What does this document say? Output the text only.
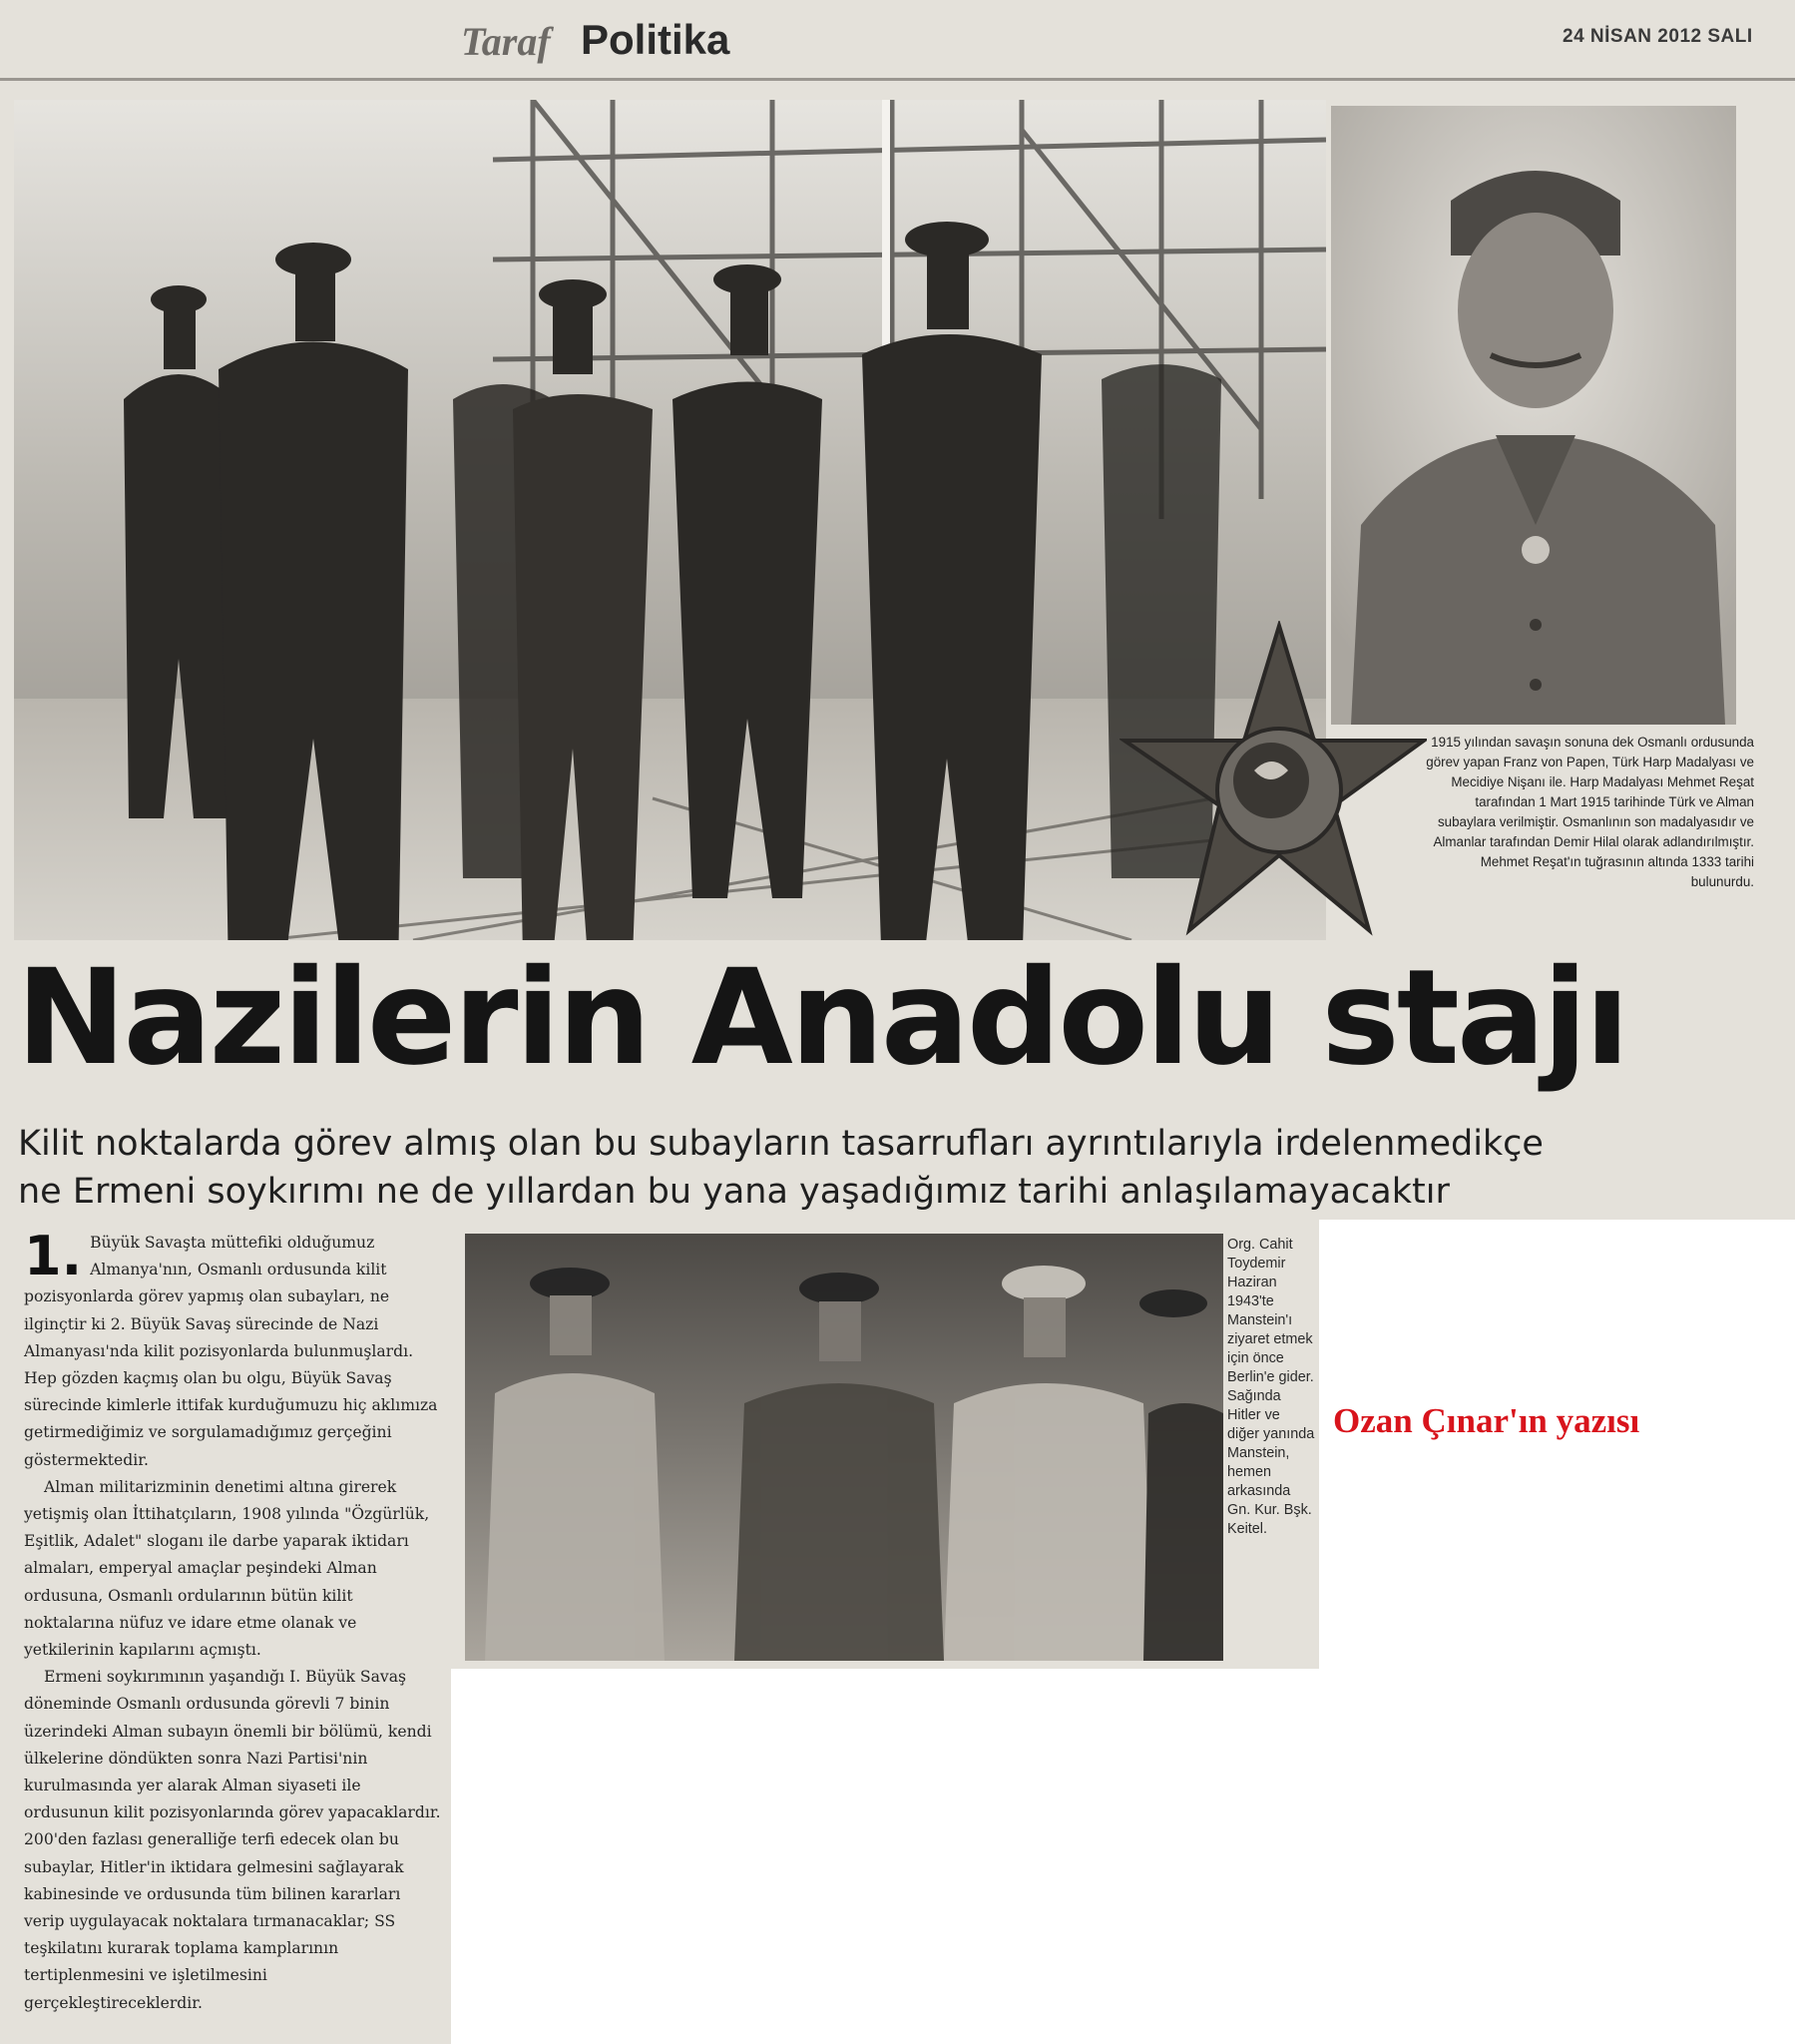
Taraf Politika	24 NİSAN 2012 SALI
1915 yılından savaşın sonuna dek Osmanlı ordusunda görev yapan Franz von Papen, Türk Harp Madalyası ve Mecidiye Nişanı ile. Harp Madalyası Mehmet Reşat tarafından 1 Mart 1915 tarihinde Türk ve Alman subaylara verilmiştir. Osmanlının son madalyasıdır ve Almanlar tarafından Demir Hilal olarak adlandırılmıştır. Mehmet Reşat'ın tuğrasının altında 1333 tarihi bulunurdu.
Nazilerin Anadolu stajı
Kilit noktalarda görev almış olan bu subayların tasarrufları ayrıntılarıyla irdelenmedikçe
ne Ermeni soykırımı ne de yıllardan bu yana yaşadığımız tarihi anlaşılamayacaktır

1. Büyük Savaşta müttefiki olduğumuz Almanya'nın, Osmanlı ordusunda kilit pozisyonlarda görev yapmış olan subayları, ne ilginçtir ki 2. Büyük Savaş sürecinde de Nazi Almanyası'nda kilit pozisyonlarda bulunmuşlardı. Hep gözden kaçmış olan bu olgu, Büyük Savaş sürecinde kimlerle ittifak kurduğumuzu hiç aklımıza getirmediğimiz ve sorgulamadığımız gerçeğini göstermektedir.

Alman militarizminin denetimi altına girerek yetişmiş olan İttihatçıların, 1908 yılında "Özgürlük, Eşitlik, Adalet" sloganı ile darbe yaparak iktidarı almaları, emperyal amaçlar peşindeki Alman ordusuna, Osmanlı ordularının bütün kilit noktalarına nüfuz ve idare etme olanak ve yetkilerinin kapılarını açmıştı.

Ermeni soykırımının yaşandığı I. Büyük Savaş döneminde Osmanlı ordusunda görevli 7 binin üzerindeki Alman subayın önemli bir bölümü, kendi ülkelerine döndükten sonra Nazi Partisi'nin kurulmasında yer alarak Alman siyaseti ile ordusunun kilit pozisyonlarında görev yapacaklardır. 200'den fazlası generalliğe terfi edecek olan bu subaylar, Hitler'in iktidara gelmesini sağlayarak kabinesinde ve ordusunda tüm bilinen kararları verip uygulayacak noktalara tırmanacaklar; SS teşkilatını kurarak toplama kamplarının tertiplenmesini ve işletilmesini gerçekleştireceklerdir.

Org. Cahit Toydemir Haziran 1943'te Manstein'ı ziyaret etmek için önce Berlin'e gider. Sağında Hitler ve diğer yanında Manstein, hemen arkasında Gn. Kur. Bşk. Keitel.
Ozan Çınar'ın yazısı
